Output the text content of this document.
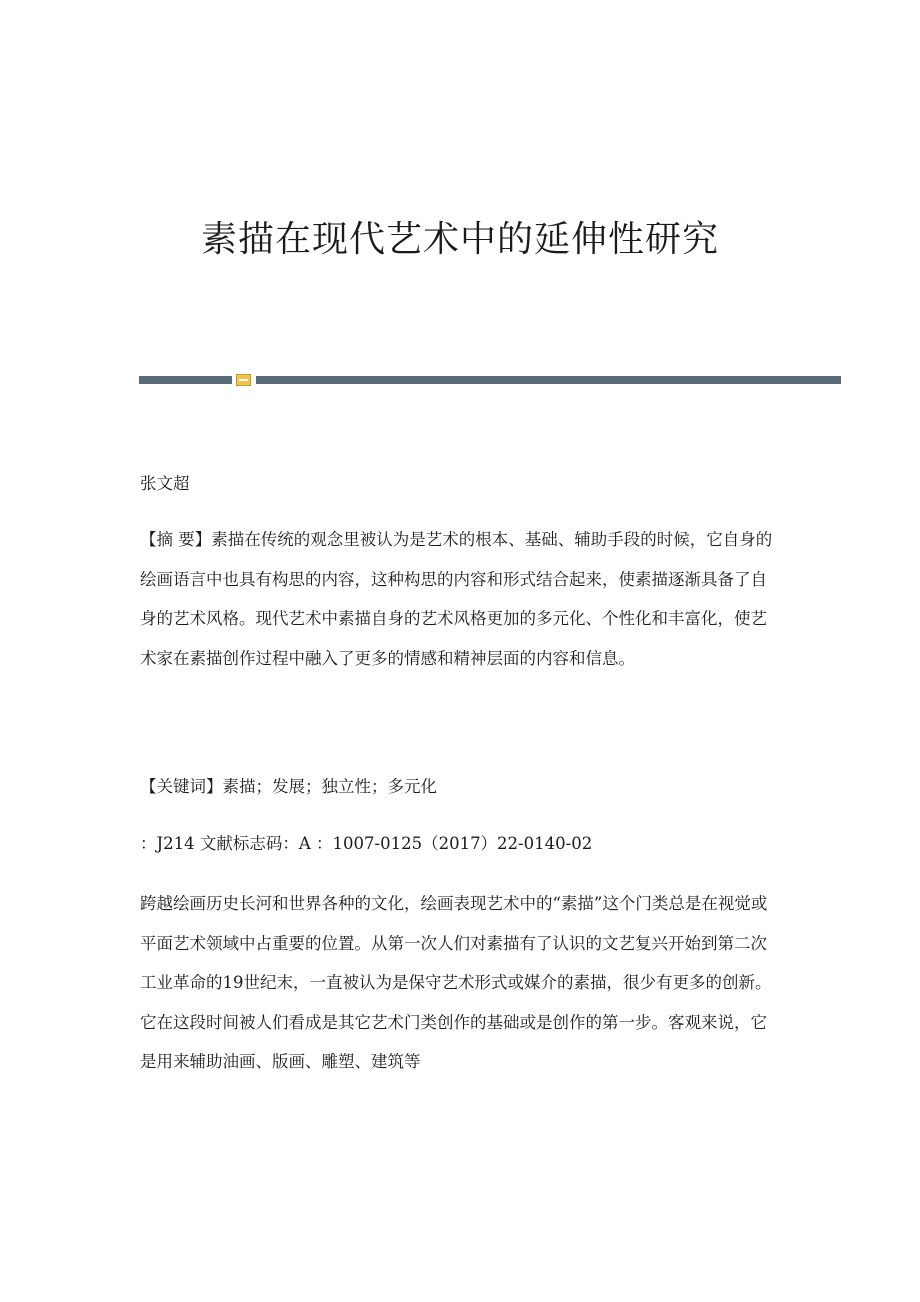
素描在现代艺术中的延伸性研究

张文超

【摘 要】素描在传统的观念里被认为是艺术的根本、基础、辅助手段的时候，它自身的绘画语言中也具有构思的内容，这种构思的内容和形式结合起来，使素描逐渐具备了自身的艺术风格。现代艺术中素描自身的艺术风格更加的多元化、个性化和丰富化，使艺术家在素描创作过程中融入了更多的情感和精神层面的内容和信息。

【关键词】素描；发展；独立性；多元化

：J214 文献标志码：A ：1007-0125（2017）22-0140-02

跨越绘画历史长河和世界各种的文化，绘画表现艺术中的“素描”这个门类总是在视觉或平面艺术领域中占重要的位置。从第一次人们对素描有了认识的文艺复兴开始到第二次工业革命的19世纪末，一直被认为是保守艺术形式或媒介的素描，很少有更多的创新。它在这段时间被人们看成是其它艺术门类创作的基础或是创作的第一步。客观来说，它是用来辅助油画、版画、雕塑、建筑等
